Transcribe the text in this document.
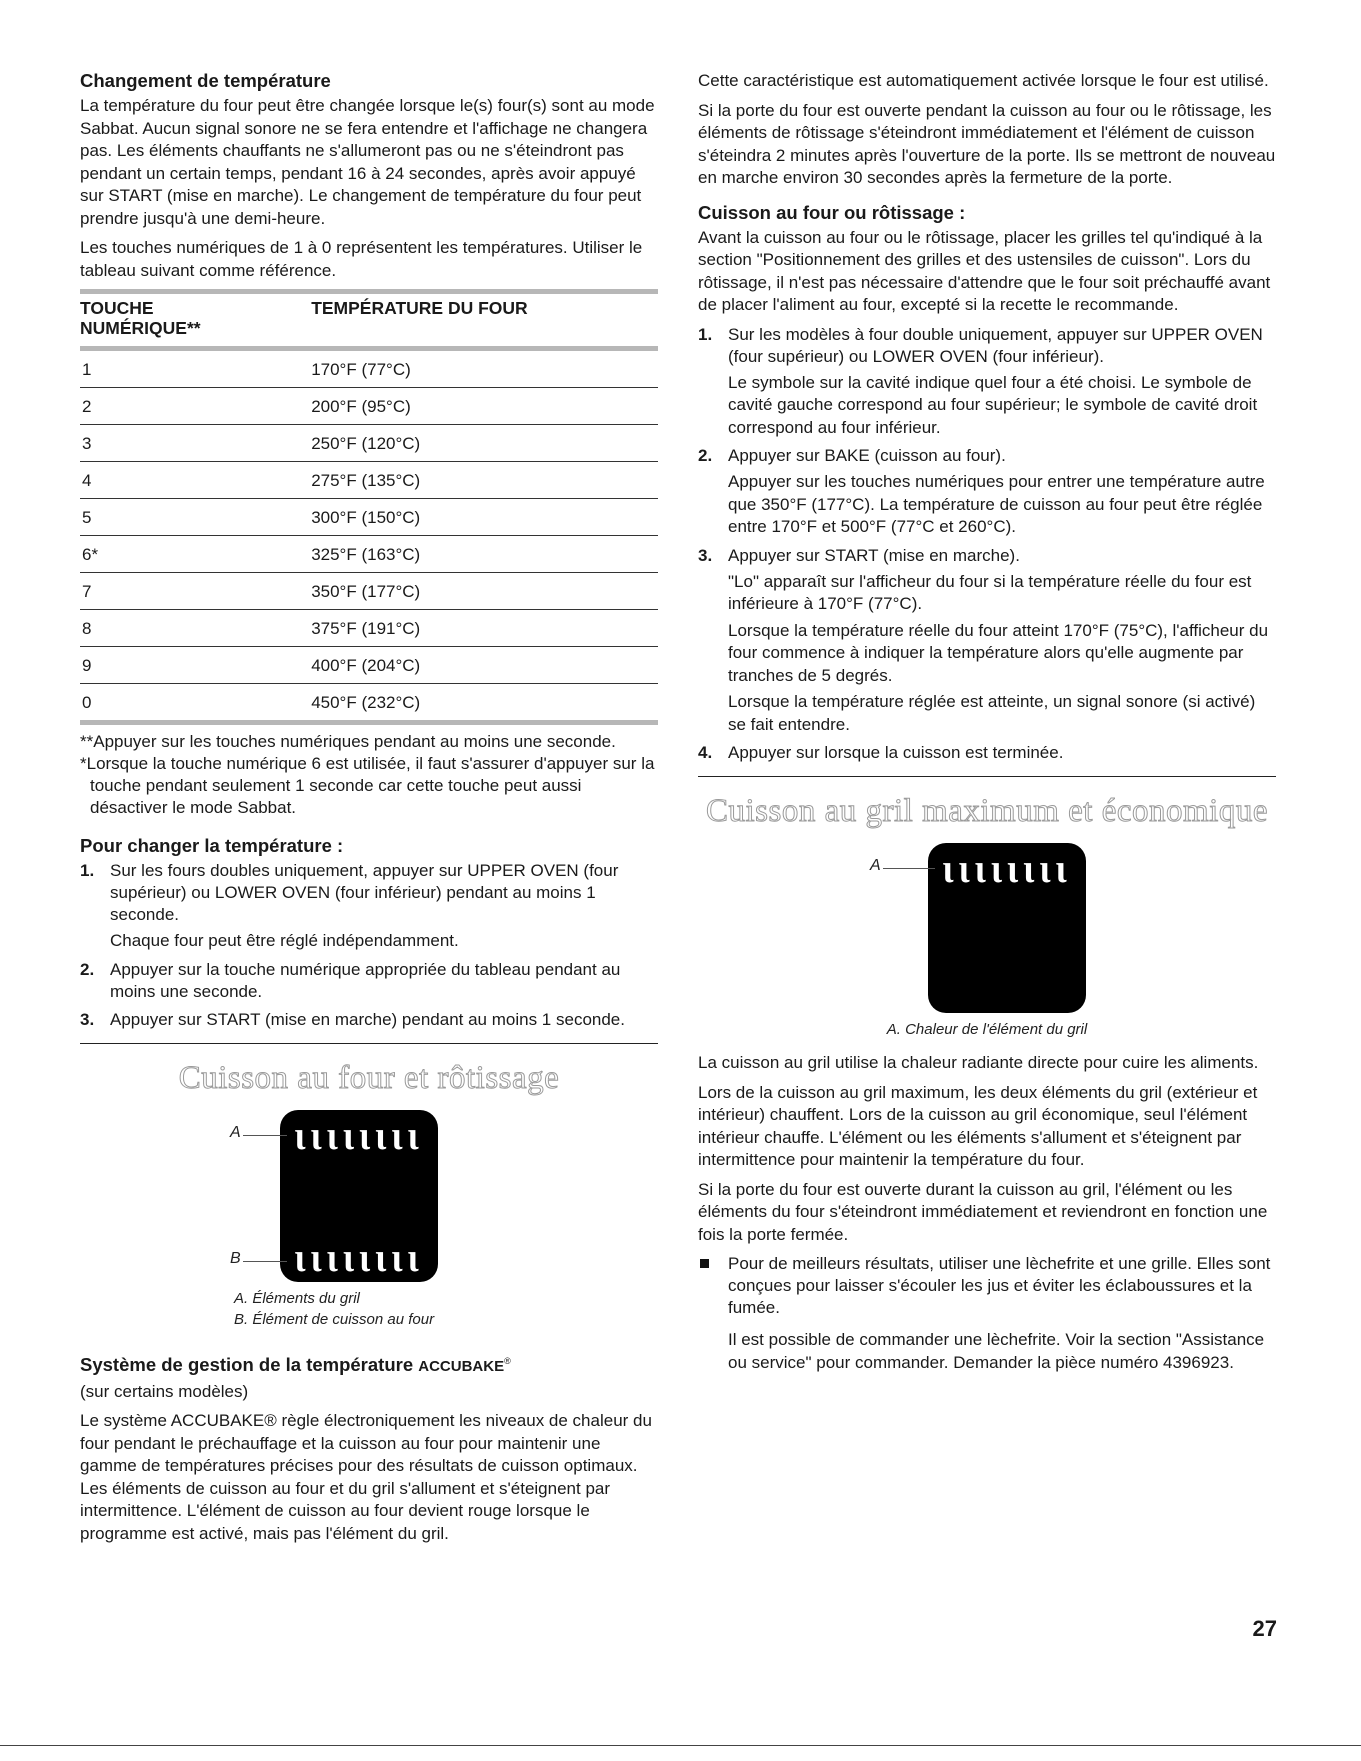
Changement de température

La température du four peut être changée lorsque le(s) four(s) sont au mode Sabbat. Aucun signal sonore ne se fera entendre et l'affichage ne changera pas. Les éléments chauffants ne s'allumeront pas ou ne s'éteindront pas pendant un certain temps, pendant 16 à 24 secondes, après avoir appuyé sur START (mise en marche). Le changement de température du four peut prendre jusqu'à une demi-heure.

Les touches numériques de 1 à 0 représentent les températures. Utiliser le tableau suivant comme référence.

TOUCHE
NUMÉRIQUE**	TEMPÉRATURE DU FOUR
1	170°F (77°C)
2	200°F (95°C)
3	250°F (120°C)
4	275°F (135°C)
5	300°F (150°C)
6*	325°F (163°C)
7	350°F (177°C)
8	375°F (191°C)
9	400°F (204°C)
0	450°F (232°C)

**Appuyer sur les touches numériques pendant au moins une seconde.

*Lorsque la touche numérique 6 est utilisée, il faut s'assurer d'appuyer sur la touche pendant seulement 1 seconde car cette touche peut aussi désactiver le mode Sabbat.

Pour changer la température :
1. Sur les fours doubles uniquement, appuyer sur UPPER OVEN (four supérieur) ou LOWER OVEN (four inférieur) pendant au moins 1 seconde.

Chaque four peut être réglé indépendamment.

2. Appuyer sur la touche numérique appropriée du tableau pendant au moins une seconde.
3. Appuyer sur START (mise en marche) pendant au moins 1 seconde.
Cuisson au four et rôtissage
ιιιιιιιι
ιιιιιιιι
A
B
A. Éléments du gril
B. Élément de cuisson au four
Système de gestion de la température ACCUBAKE®

(sur certains modèles)

Le système ACCUBAKE® règle électroniquement les niveaux de chaleur du four pendant le préchauffage et la cuisson au four pour maintenir une gamme de températures précises pour des résultats de cuisson optimaux. Les éléments de cuisson au four et du gril s'allument et s'éteignent par intermittence. L'élément de cuisson au four devient rouge lorsque le programme est activé, mais pas l'élément du gril.

Cette caractéristique est automatiquement activée lorsque le four est utilisé.

Si la porte du four est ouverte pendant la cuisson au four ou le rôtissage, les éléments de rôtissage s'éteindront immédiatement et l'élément de cuisson s'éteindra 2 minutes après l'ouverture de la porte. Ils se mettront de nouveau en marche environ 30 secondes après la fermeture de la porte.

Cuisson au four ou rôtissage :

Avant la cuisson au four ou le rôtissage, placer les grilles tel qu'indiqué à la section "Positionnement des grilles et des ustensiles de cuisson". Lors du rôtissage, il n'est pas nécessaire d'attendre que le four soit préchauffé avant de placer l'aliment au four, excepté si la recette le recommande.

1. Sur les modèles à four double uniquement, appuyer sur UPPER OVEN (four supérieur) ou LOWER OVEN (four inférieur).

Le symbole sur la cavité indique quel four a été choisi. Le symbole de cavité gauche correspond au four supérieur; le symbole de cavité droit correspond au four inférieur.

2. Appuyer sur BAKE (cuisson au four).

Appuyer sur les touches numériques pour entrer une température autre que 350°F (177°C). La température de cuisson au four peut être réglée entre 170°F et 500°F (77°C et 260°C).

3. Appuyer sur START (mise en marche).

"Lo" apparaît sur l'afficheur du four si la température réelle du four est inférieure à 170°F (77°C).

Lorsque la température réelle du four atteint 170°F (75°C), l'afficheur du four commence à indiquer la température alors qu'elle augmente par tranches de 5 degrés.

Lorsque la température réglée est atteinte, un signal sonore (si activé) se fait entendre.

4. Appuyer sur lorsque la cuisson est terminée.
Cuisson au gril maximum et économique
ιιιιιιιι
A
A. Chaleur de l'élément du gril

La cuisson au gril utilise la chaleur radiante directe pour cuire les aliments.

Lors de la cuisson au gril maximum, les deux éléments du gril (extérieur et intérieur) chauffent. Lors de la cuisson au gril économique, seul l'élément intérieur chauffe. L'élément ou les éléments s'allument et s'éteignent par intermittence pour maintenir la température du four.

Si la porte du four est ouverte durant la cuisson au gril, l'élément ou les éléments du four s'éteindront immédiatement et reviendront en fonction une fois la porte fermée.

Pour de meilleurs résultats, utiliser une lèchefrite et une grille. Elles sont conçues pour laisser s'écouler les jus et éviter les éclaboussures et la fumée.

Il est possible de commander une lèchefrite. Voir la section "Assistance ou service" pour commander. Demander la pièce numéro 4396923.

27
